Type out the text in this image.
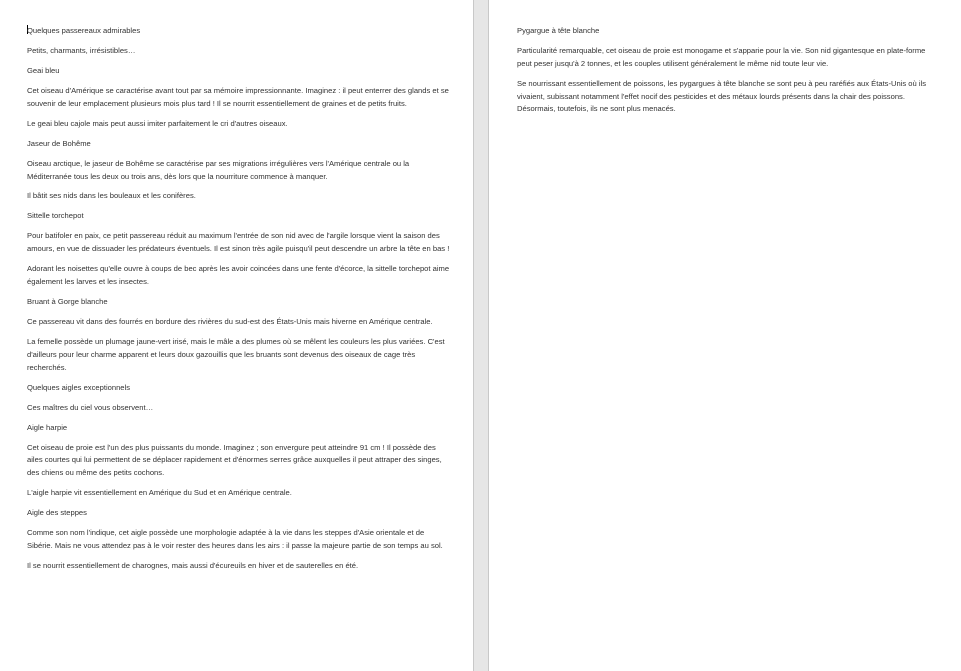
Quelques passereaux admirables
Petits, charmants, irrésistibles…
Geai bleu
Cet oiseau d'Amérique se caractérise avant tout par sa mémoire impressionnante. Imaginez : il peut enterrer des glands et se souvenir de leur emplacement plusieurs mois plus tard ! Il se nourrit essentiellement de graines et de petits fruits.
Le geai bleu cajole mais peut aussi imiter parfaitement le cri d'autres oiseaux.
Jaseur de Bohême
Oiseau arctique, le jaseur de Bohême se caractérise par ses migrations irrégulières vers l'Amérique centrale ou la Méditerranée tous les deux ou trois ans, dès lors que la nourriture commence à manquer.
Il bâtit ses nids dans les bouleaux et les conifères.
Sittelle torchepot
Pour batifoler en paix, ce petit passereau réduit au maximum l'entrée de son nid avec de l'argile lorsque vient la saison des amours, en vue de dissuader les prédateurs éventuels. Il est sinon très agile puisqu'il peut descendre un arbre la tête en bas !
Adorant les noisettes qu'elle ouvre à coups de bec après les avoir coincées dans une fente d'écorce, la sittelle torchepot aime également les larves et les insectes.
Bruant à Gorge blanche
Ce passereau vit dans des fourrés en bordure des rivières du sud-est des États-Unis mais hiverne en Amérique centrale.
La femelle possède un plumage jaune-vert irisé, mais le mâle a des plumes où se mêlent les couleurs les plus variées. C'est d'ailleurs pour leur charme apparent et leurs doux gazouillis que les bruants sont devenus des oiseaux de cage très recherchés.
Quelques aigles exceptionnels
Ces maîtres du ciel vous observent…
Aigle harpie
Cet oiseau de proie est l'un des plus puissants du monde. Imaginez ; son envergure peut atteindre 91 cm ! Il possède des ailes courtes qui lui permettent de se déplacer rapidement et d'énormes serres grâce auxquelles il peut attraper des singes, des chiens ou même des petits cochons.
L'aigle harpie vit essentiellement en Amérique du Sud et en Amérique centrale.
Aigle des steppes
Comme son nom l'indique, cet aigle possède une morphologie adaptée à la vie dans les steppes d'Asie orientale et de Sibérie. Mais ne vous attendez pas à le voir rester des heures dans les airs : il passe la majeure partie de son temps au sol.
Il se nourrit essentiellement de charognes, mais aussi d'écureuils en hiver et de sauterelles en été.
Pygargue à tête blanche
Particularité remarquable, cet oiseau de proie est monogame et s'apparie pour la vie. Son nid gigantesque en plate-forme peut peser jusqu'à 2 tonnes, et les couples utilisent généralement le même nid toute leur vie.
Se nourrissant essentiellement de poissons, les pygargues à tête blanche se sont peu à peu raréfiés aux États-Unis où ils vivaient, subissant notamment l'effet nocif des pesticides et des métaux lourds présents dans la chair des poissons. Désormais, toutefois, ils ne sont plus menacés.
